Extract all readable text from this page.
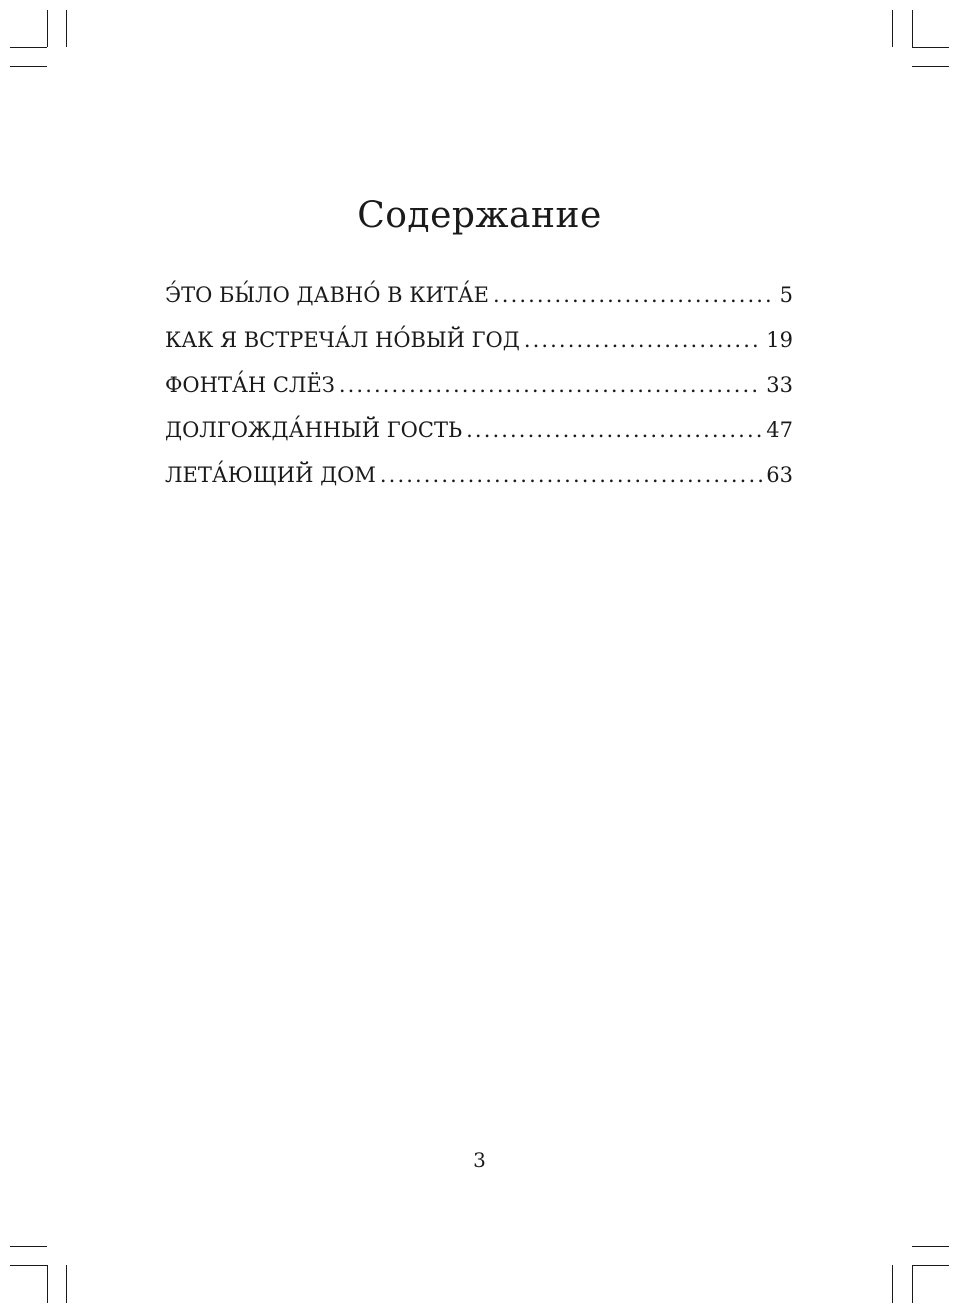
Содержание
Э́ТО БЫ́ЛО ДАВНО́ В КИТА́Е .....	5
КАК Я ВСТРЕЧА́Л НО́ВЫЙ ГОД .....	19
ФОНТА́Н СЛЁЗ .....	33
ДОЛГОЖДА́ННЫЙ ГОСТЬ .....	47
ЛЕТА́ЮЩИЙ ДОМ .....	63
3
